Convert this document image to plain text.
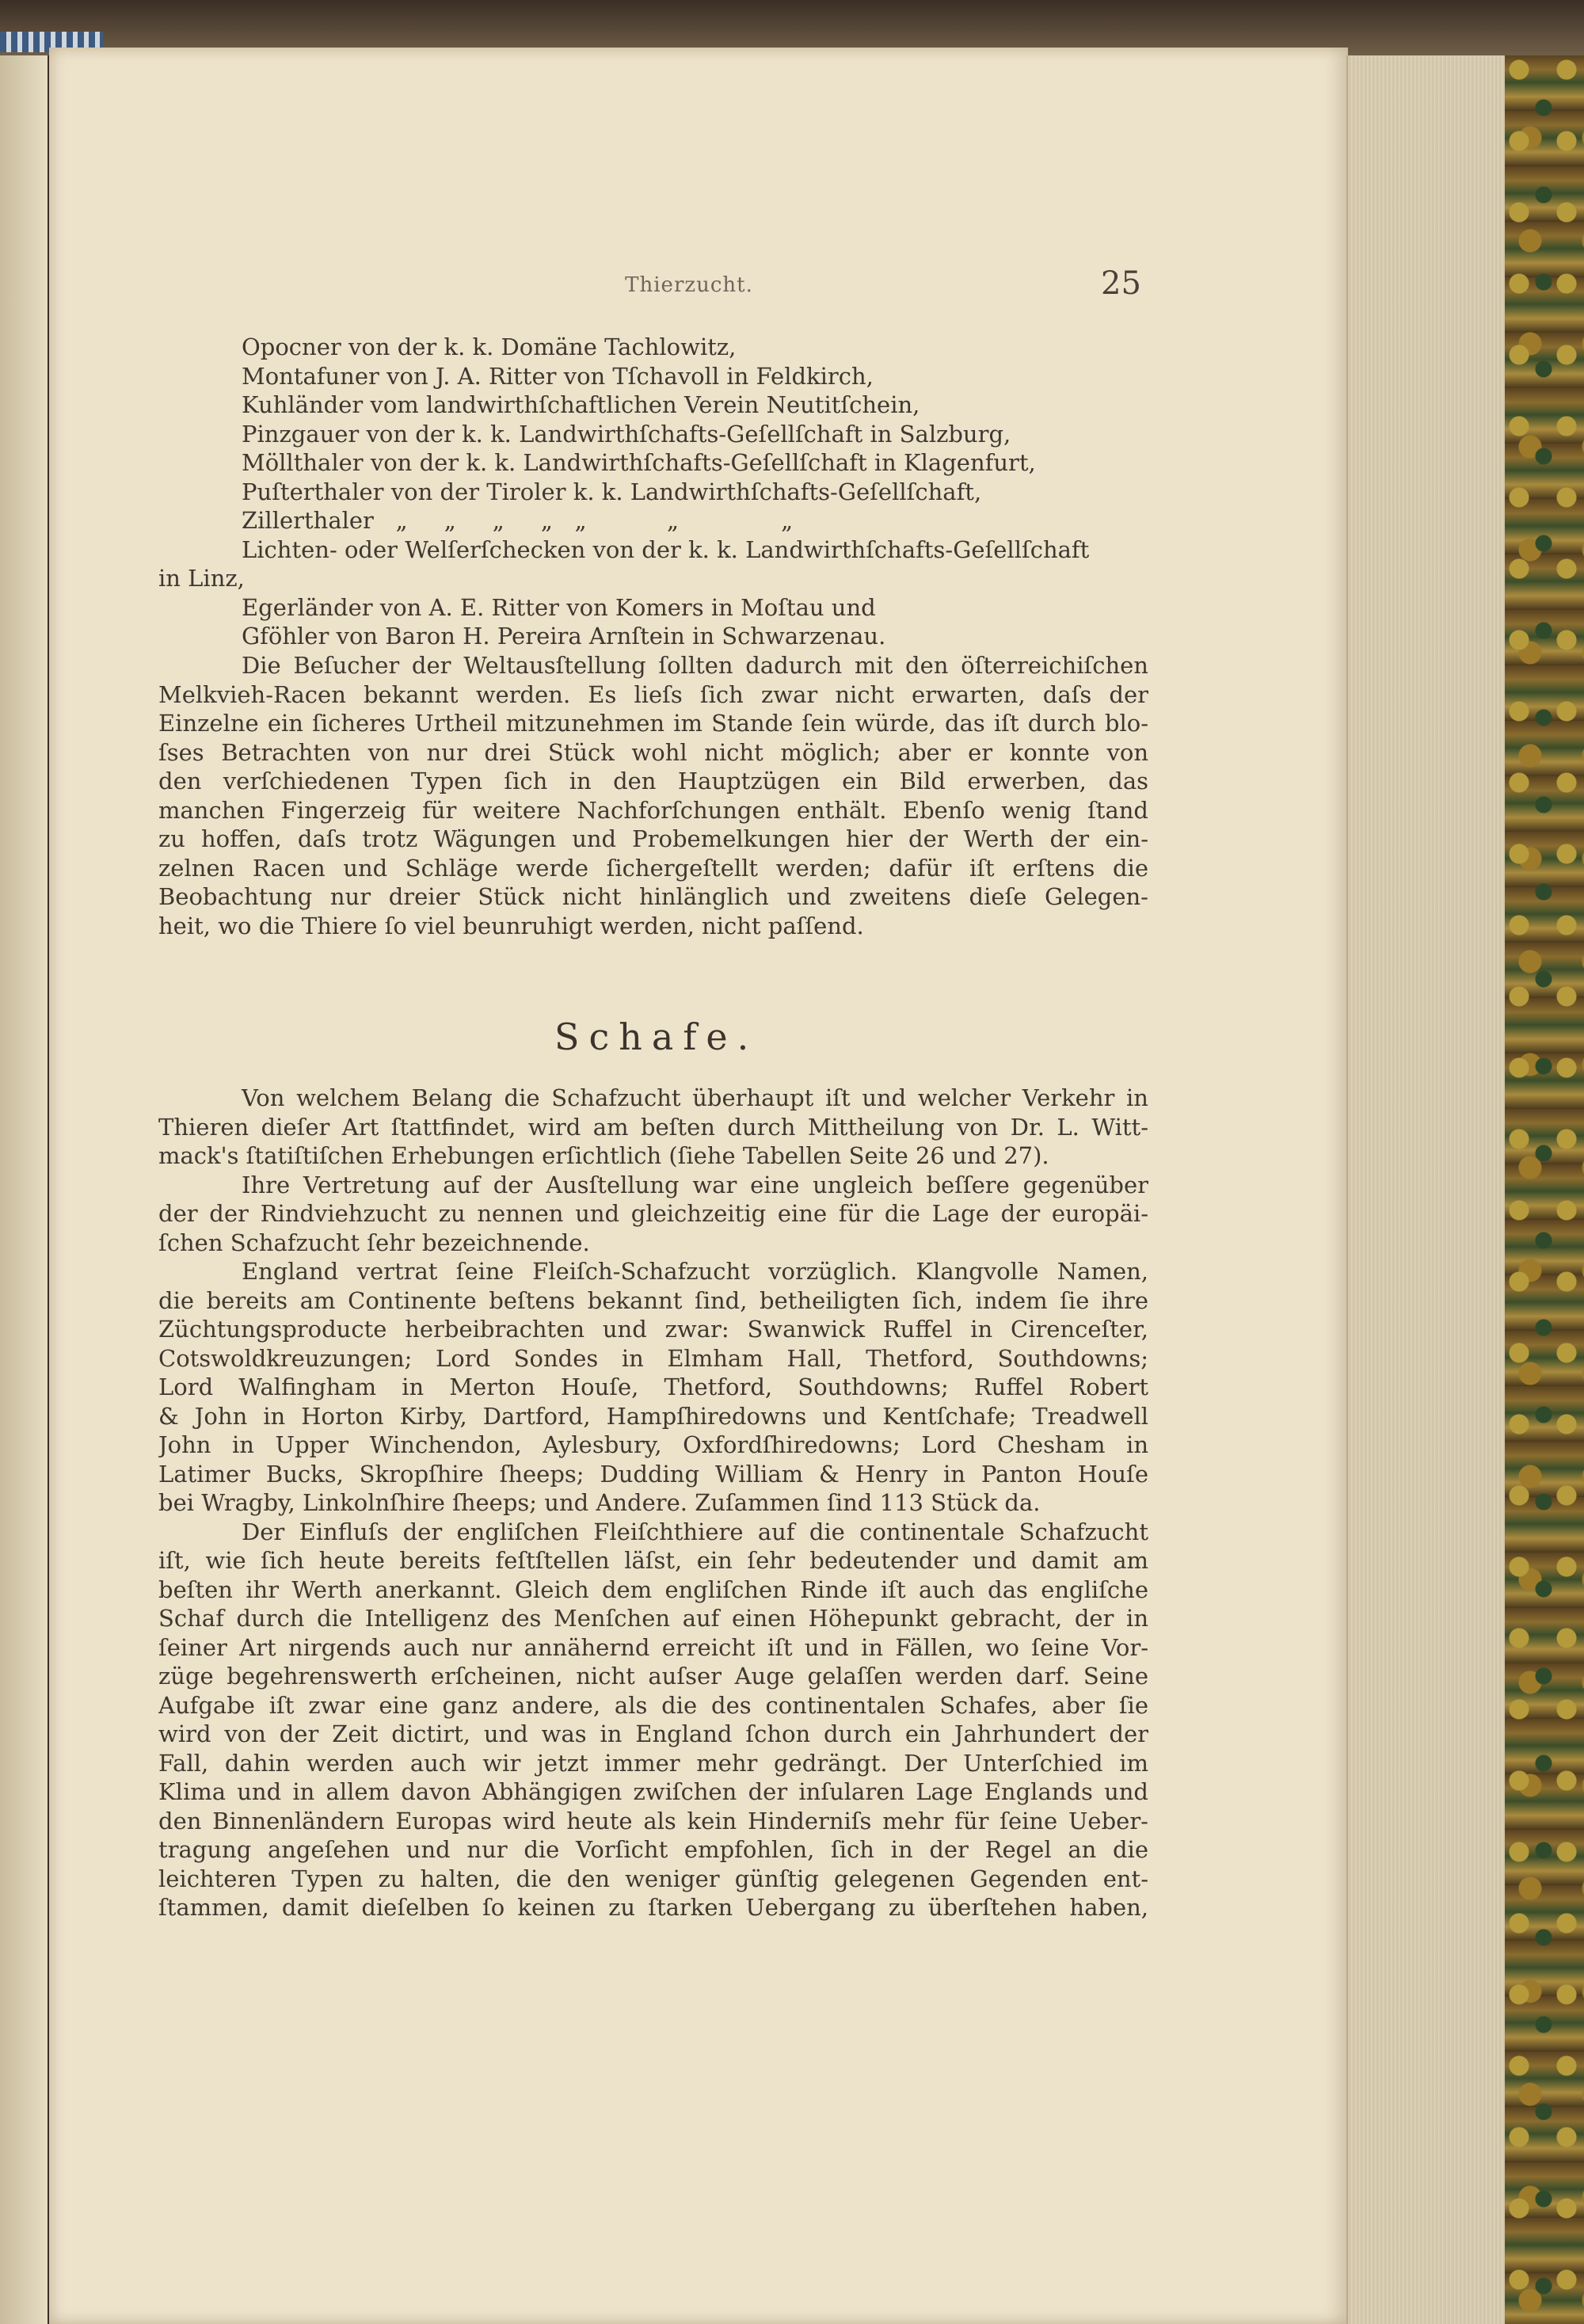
Thierzucht.	25
Opocner von der k. k. Domäne Tachlowitz,
Montafuner von J. A. Ritter von Tſchavoll in Feldkirch,
Kuhländer vom landwirthſchaftlichen Verein Neutitſchein,
Pinzgauer von der k. k. Landwirthſchafts-Geſellſchaft in Salzburg,
Möllthaler von der k. k. Landwirthſchafts-Geſellſchaft in Klagenfurt,
Puſterthaler von der Tiroler k. k. Landwirthſchafts-Geſellſchaft,
Zillerthaler   „     „     „     „   „           „              „
Lichten- oder Welſerſchecken von der k. k. Landwirthſchafts-Geſellſchaft
in Linz,
Egerländer von A. E. Ritter von Komers in Moſtau und
Gföhler von Baron H. Pereira Arnſtein in Schwarzenau.
Die Beſucher der Weltausſtellung ſollten dadurch mit den öſterreichiſchen
Melkvieh-Racen bekannt werden. Es lieſs ſich zwar nicht erwarten, daſs der
Einzelne ein ſicheres Urtheil mitzunehmen im Stande ſein würde, das iſt durch blo-
ſses Betrachten von nur drei Stück wohl nicht möglich; aber er konnte von
den verſchiedenen Typen ſich in den Hauptzügen ein Bild erwerben, das
manchen Fingerzeig für weitere Nachforſchungen enthält. Ebenſo wenig ſtand
zu hoffen, daſs trotz Wägungen und Probemelkungen hier der Werth der ein-
zelnen Racen und Schläge werde ſichergeſtellt werden; dafür iſt erſtens die
Beobachtung nur dreier Stück nicht hinlänglich und zweitens dieſe Gelegen-
heit, wo die Thiere ſo viel beunruhigt werden, nicht paſſend.
Schafe.
Von welchem Belang die Schafzucht überhaupt iſt und welcher Verkehr in
Thieren dieſer Art ſtattfindet, wird am beſten durch Mittheilung von Dr. L. Witt-
mack's ſtatiſtiſchen Erhebungen erſichtlich (ſiehe Tabellen Seite 26 und 27).
Ihre Vertretung auf der Ausſtellung war eine ungleich beſſere gegenüber
der der Rindviehzucht zu nennen und gleichzeitig eine für die Lage der europäi-
ſchen Schafzucht ſehr bezeichnende.
England vertrat ſeine Fleiſch-Schafzucht vorzüglich. Klangvolle Namen,
die bereits am Continente beſtens bekannt ſind, betheiligten ſich, indem ſie ihre
Züchtungsproducte herbeibrachten und zwar: Swanwick Ruffel in Cirenceſter,
Cotswoldkreuzungen; Lord Sondes in Elmham Hall, Thetford, Southdowns;
Lord Walfingham in Merton Houſe, Thetford, Southdowns; Ruffel Robert
& John in Horton Kirby, Dartford, Hampſhiredowns und Kentſchafe; Treadwell
John in Upper Winchendon, Aylesbury, Oxfordſhiredowns; Lord Chesham in
Latimer Bucks, Skropſhire ſheeps; Dudding William & Henry in Panton Houſe
bei Wragby, Linkolnſhire ſheeps; und Andere. Zuſammen ſind 113 Stück da.
Der Einfluſs der engliſchen Fleiſchthiere auf die continentale Schafzucht
iſt, wie ſich heute bereits feſtſtellen läſst, ein ſehr bedeutender und damit am
beſten ihr Werth anerkannt. Gleich dem engliſchen Rinde iſt auch das engliſche
Schaf durch die Intelligenz des Menſchen auf einen Höhepunkt gebracht, der in
ſeiner Art nirgends auch nur annähernd erreicht iſt und in Fällen, wo ſeine Vor-
züge begehrenswerth erſcheinen, nicht auſser Auge gelaſſen werden darf. Seine
Aufgabe iſt zwar eine ganz andere, als die des continentalen Schafes, aber ſie
wird von der Zeit dictirt, und was in England ſchon durch ein Jahrhundert der
Fall, dahin werden auch wir jetzt immer mehr gedrängt. Der Unterſchied im
Klima und in allem davon Abhängigen zwiſchen der inſularen Lage Englands und
den Binnenländern Europas wird heute als kein Hinderniſs mehr für ſeine Ueber-
tragung angeſehen und nur die Vorſicht empfohlen, ſich in der Regel an die
leichteren Typen zu halten, die den weniger günſtig gelegenen Gegenden ent-
ſtammen, damit dieſelben ſo keinen zu ſtarken Uebergang zu überſtehen haben,
